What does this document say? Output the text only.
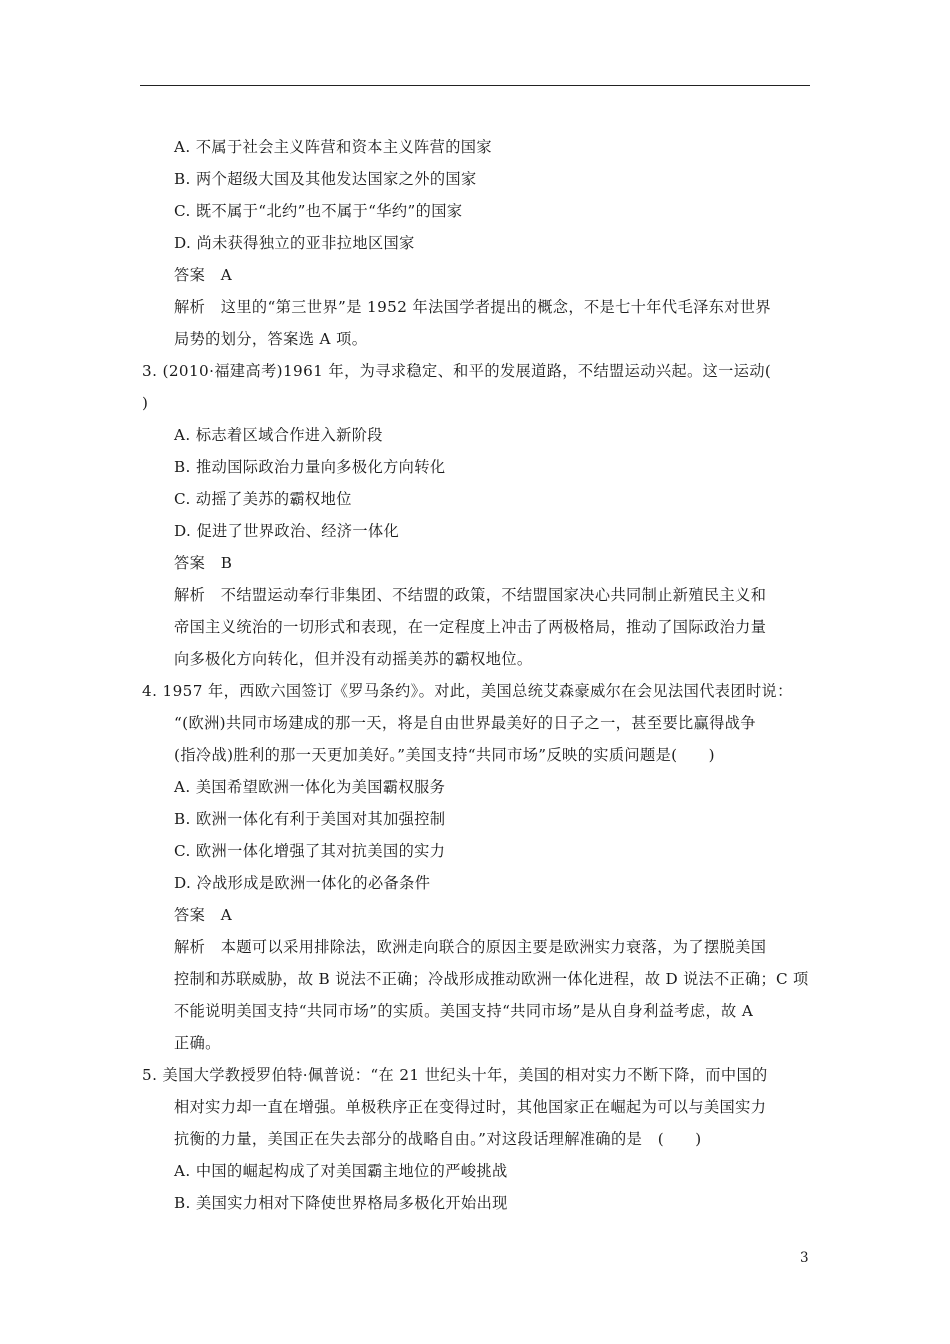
A. 不属于社会主义阵营和资本主义阵营的国家
B. 两个超级大国及其他发达国家之外的国家
C. 既不属于“北约”也不属于“华约”的国家
D. 尚未获得独立的亚非拉地区国家
答案　A
解析　这里的“第三世界”是 1952 年法国学者提出的概念，不是七十年代毛泽东对世界
局势的划分，答案选 A 项。
3. (2010·福建高考)1961 年，为寻求稳定、和平的发展道路，不结盟运动兴起。这一运动(
)
A. 标志着区域合作进入新阶段
B. 推动国际政治力量向多极化方向转化
C. 动摇了美苏的霸权地位
D. 促进了世界政治、经济一体化
答案　B
解析　不结盟运动奉行非集团、不结盟的政策，不结盟国家决心共同制止新殖民主义和
帝国主义统治的一切形式和表现，在一定程度上冲击了两极格局，推动了国际政治力量
向多极化方向转化，但并没有动摇美苏的霸权地位。
4. 1957 年，西欧六国签订《罗马条约》。对此，美国总统艾森豪威尔在会见法国代表团时说：
“(欧洲)共同市场建成的那一天，将是自由世界最美好的日子之一，甚至要比赢得战争
(指冷战)胜利的那一天更加美好。”美国支持“共同市场”反映的实质问题是(　　)
A. 美国希望欧洲一体化为美国霸权服务
B. 欧洲一体化有利于美国对其加强控制
C. 欧洲一体化增强了其对抗美国的实力
D. 冷战形成是欧洲一体化的必备条件
答案　A
解析　本题可以采用排除法，欧洲走向联合的原因主要是欧洲实力衰落，为了摆脱美国
控制和苏联威胁，故 B 说法不正确；冷战形成推动欧洲一体化进程，故 D 说法不正确；C 项
不能说明美国支持“共同市场”的实质。美国支持“共同市场”是从自身利益考虑，故 A
正确。
5. 美国大学教授罗伯特·佩普说：“在 21 世纪头十年，美国的相对实力不断下降，而中国的
相对实力却一直在增强。单极秩序正在变得过时，其他国家正在崛起为可以与美国实力
抗衡的力量，美国正在失去部分的战略自由。”对这段话理解准确的是　(　　)
A. 中国的崛起构成了对美国霸主地位的严峻挑战
B. 美国实力相对下降使世界格局多极化开始出现
3
